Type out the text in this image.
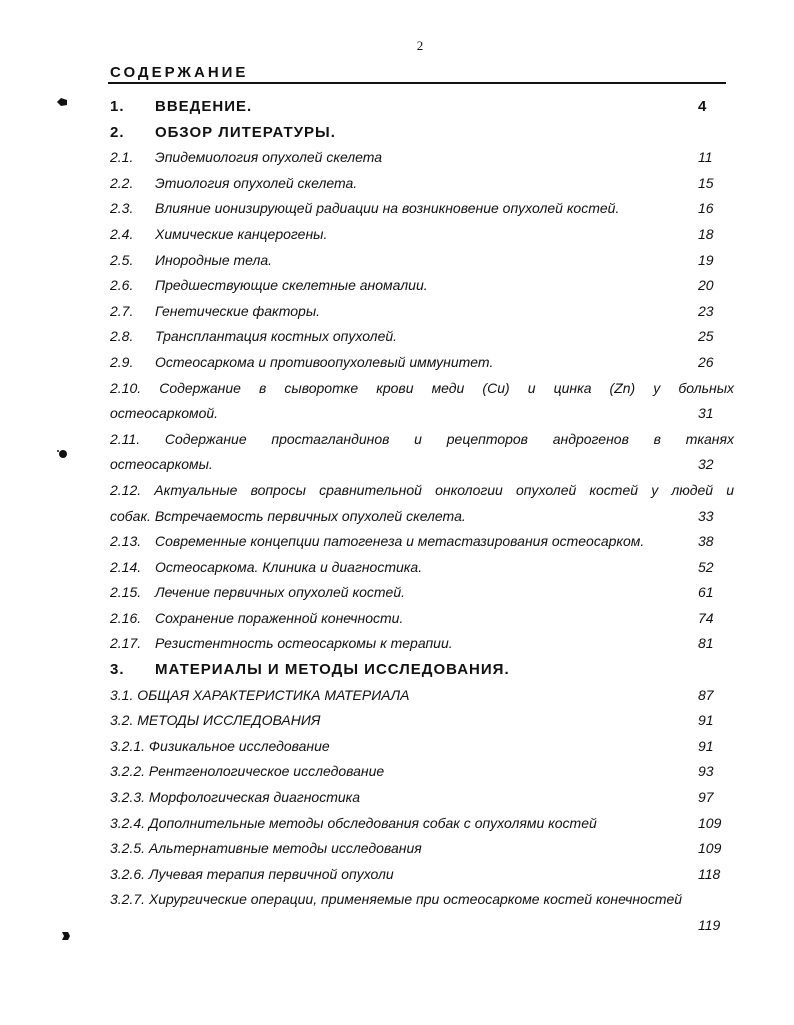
2
СОДЕРЖАНИЕ
1. ВВЕДЕНИЕ.	4
2. ОБЗОР ЛИТЕРАТУРЫ.
2.1. Эпидемиология опухолей скелета	11
2.2. Этиология опухолей скелета.	15
2.3. Влияние ионизирующей радиации на возникновение опухолей костей.	16
2.4. Химические канцерогены.	18
2.5. Инородные тела.	19
2.6. Предшествующие скелетные аномалии.	20
2.7. Генетические факторы.	23
2.8. Трансплантация костных опухолей.	25
2.9. Остеосаркома и противоопухолевый иммунитет.	26
2.10. Содержание в сыворотке крови меди (Cu) и цинка (Zn) у больных
остеосаркомой.	31
2.11. Содержание простагландинов и рецепторов андрогенов в тканях
остеосаркомы.	32
2.12. Актуальные вопросы сравнительной онкологии опухолей костей у людей и
собак. Встречаемость первичных опухолей скелета.	33
2.13. Современные концепции патогенеза и метастазирования остеосарком.	38
2.14. Остеосаркома. Клиника и диагностика.	52
2.15. Лечение первичных опухолей костей.	61
2.16. Сохранение пораженной конечности.	74
2.17. Резистентность остеосаркомы к терапии.	81
3. МАТЕРИАЛЫ И МЕТОДЫ ИССЛЕДОВАНИЯ.
3.1. ОБЩАЯ ХАРАКТЕРИСТИКА МАТЕРИАЛА	87
3.2. МЕТОДЫ ИССЛЕДОВАНИЯ	91
3.2.1. Физикальное исследование	91
3.2.2. Рентгенологическое исследование	93
3.2.3. Морфологическая диагностика	97
3.2.4. Дополнительные методы обследования собак с опухолями костей	109
3.2.5. Альтернативные методы исследования	109
3.2.6. Лучевая терапия первичной опухоли	118
3.2.7. Хирургические операции, применяемые при остеосаркоме костей конечностей
119
